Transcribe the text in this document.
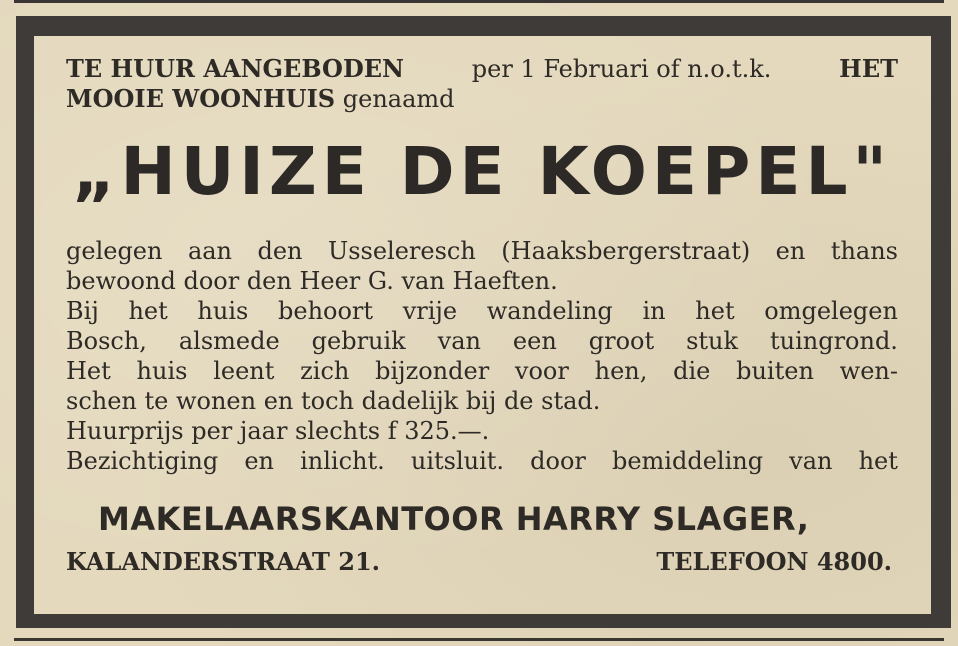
TE HUUR AANGEBODEN	per 1 Februari of n.o.t.k.	HET
MOOIE WOONHUIS genaamd
„HUIZE DE KOEPEL"
gelegen aan den Usseleresch (Haaksbergerstraat) en thans
bewoond door den Heer G. van Haeften.
Bij het huis behoort vrije wandeling in het omgelegen
Bosch, alsmede gebruik van een groot stuk tuingrond.
Het huis leent zich bijzonder voor hen, die buiten wen-
schen te wonen en toch dadelijk bij de stad.
Huurprijs per jaar slechts f 325.—.
Bezichtiging en inlicht. uitsluit. door bemiddeling van het
MAKELAARSKANTOOR HARRY SLAGER,
KALANDERSTRAAT 21.	TELEFOON 4800.
